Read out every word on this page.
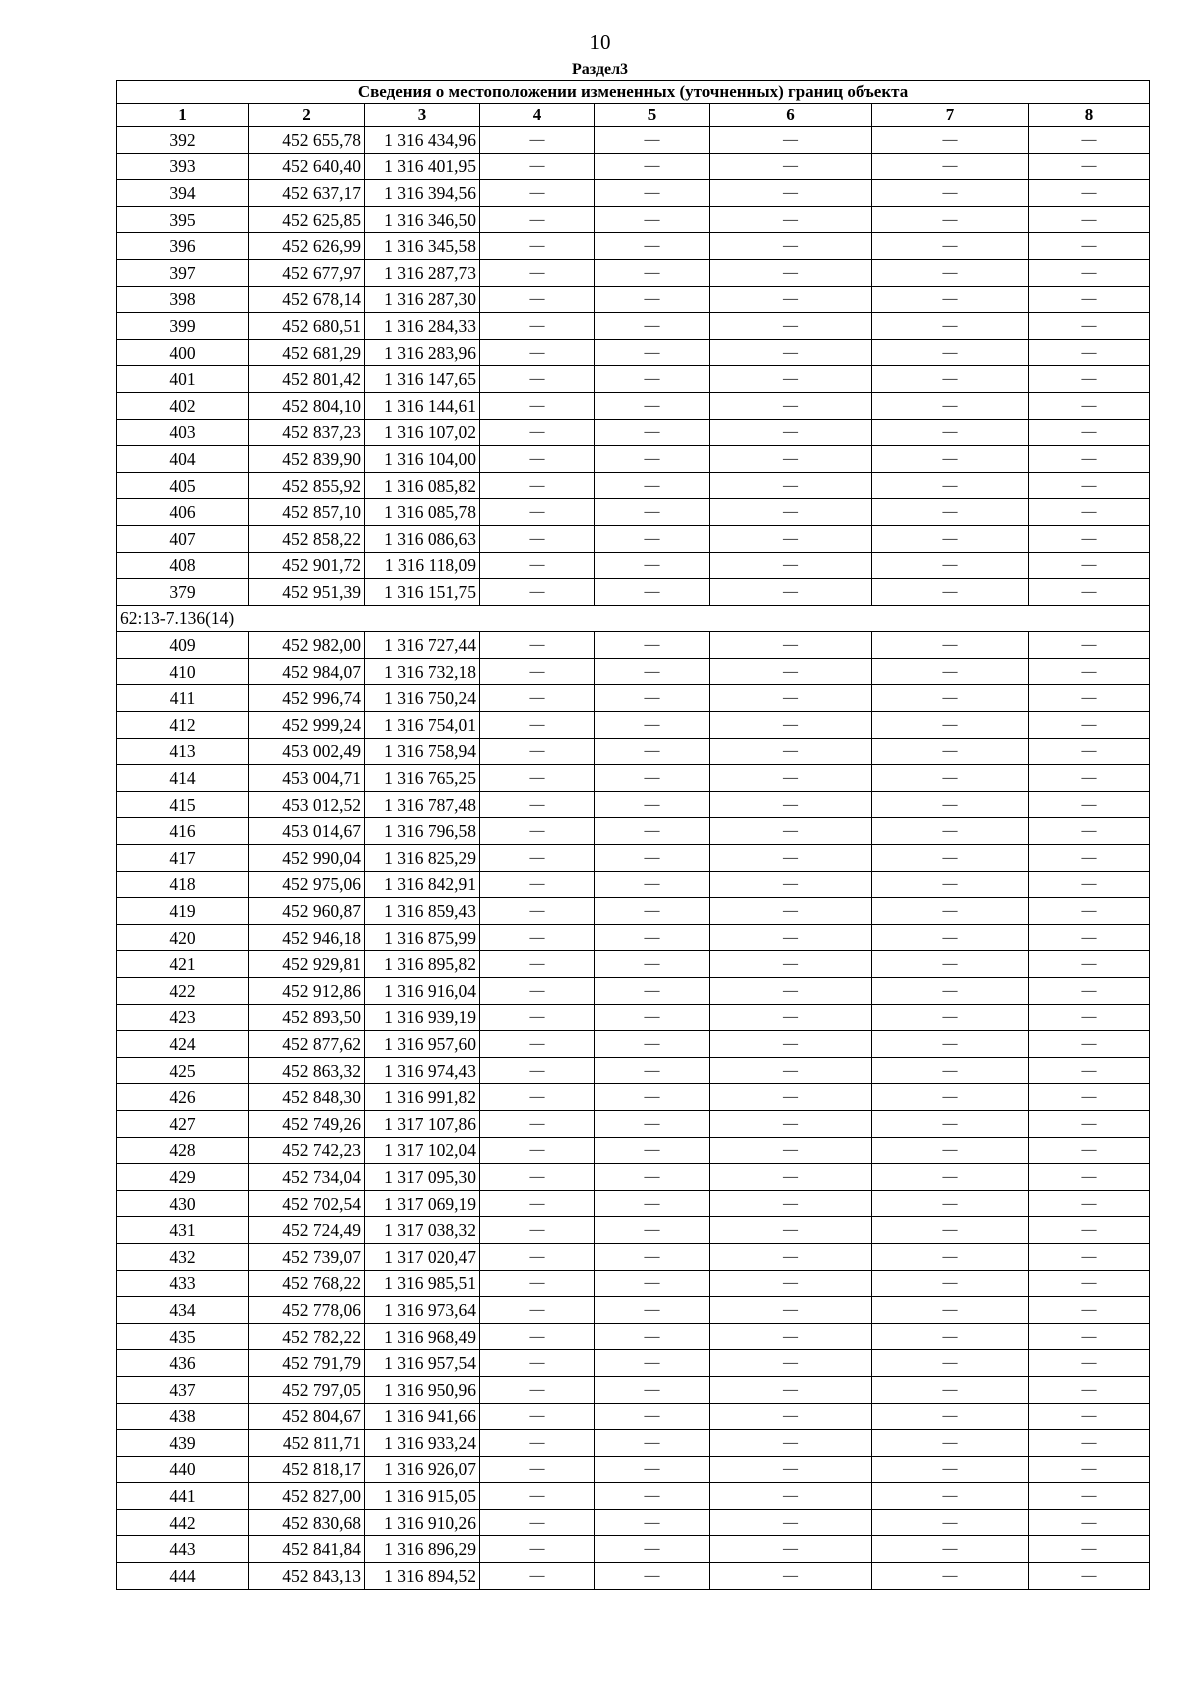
10
Раздел3
Сведения о местоположении измененных (уточненных) границ объекта							
1	2	3	4	5	6	7	8
392	452 655,78	1 316 434,96	—	—	—	—	—
393	452 640,40	1 316 401,95	—	—	—	—	—
394	452 637,17	1 316 394,56	—	—	—	—	—
395	452 625,85	1 316 346,50	—	—	—	—	—
396	452 626,99	1 316 345,58	—	—	—	—	—
397	452 677,97	1 316 287,73	—	—	—	—	—
398	452 678,14	1 316 287,30	—	—	—	—	—
399	452 680,51	1 316 284,33	—	—	—	—	—
400	452 681,29	1 316 283,96	—	—	—	—	—
401	452 801,42	1 316 147,65	—	—	—	—	—
402	452 804,10	1 316 144,61	—	—	—	—	—
403	452 837,23	1 316 107,02	—	—	—	—	—
404	452 839,90	1 316 104,00	—	—	—	—	—
405	452 855,92	1 316 085,82	—	—	—	—	—
406	452 857,10	1 316 085,78	—	—	—	—	—
407	452 858,22	1 316 086,63	—	—	—	—	—
408	452 901,72	1 316 118,09	—	—	—	—	—
379	452 951,39	1 316 151,75	—	—	—	—	—
62:13-7.136(14)							
409	452 982,00	1 316 727,44	—	—	—	—	—
410	452 984,07	1 316 732,18	—	—	—	—	—
411	452 996,74	1 316 750,24	—	—	—	—	—
412	452 999,24	1 316 754,01	—	—	—	—	—
413	453 002,49	1 316 758,94	—	—	—	—	—
414	453 004,71	1 316 765,25	—	—	—	—	—
415	453 012,52	1 316 787,48	—	—	—	—	—
416	453 014,67	1 316 796,58	—	—	—	—	—
417	452 990,04	1 316 825,29	—	—	—	—	—
418	452 975,06	1 316 842,91	—	—	—	—	—
419	452 960,87	1 316 859,43	—	—	—	—	—
420	452 946,18	1 316 875,99	—	—	—	—	—
421	452 929,81	1 316 895,82	—	—	—	—	—
422	452 912,86	1 316 916,04	—	—	—	—	—
423	452 893,50	1 316 939,19	—	—	—	—	—
424	452 877,62	1 316 957,60	—	—	—	—	—
425	452 863,32	1 316 974,43	—	—	—	—	—
426	452 848,30	1 316 991,82	—	—	—	—	—
427	452 749,26	1 317 107,86	—	—	—	—	—
428	452 742,23	1 317 102,04	—	—	—	—	—
429	452 734,04	1 317 095,30	—	—	—	—	—
430	452 702,54	1 317 069,19	—	—	—	—	—
431	452 724,49	1 317 038,32	—	—	—	—	—
432	452 739,07	1 317 020,47	—	—	—	—	—
433	452 768,22	1 316 985,51	—	—	—	—	—
434	452 778,06	1 316 973,64	—	—	—	—	—
435	452 782,22	1 316 968,49	—	—	—	—	—
436	452 791,79	1 316 957,54	—	—	—	—	—
437	452 797,05	1 316 950,96	—	—	—	—	—
438	452 804,67	1 316 941,66	—	—	—	—	—
439	452 811,71	1 316 933,24	—	—	—	—	—
440	452 818,17	1 316 926,07	—	—	—	—	—
441	452 827,00	1 316 915,05	—	—	—	—	—
442	452 830,68	1 316 910,26	—	—	—	—	—
443	452 841,84	1 316 896,29	—	—	—	—	—
444	452 843,13	1 316 894,52	—	—	—	—	—
